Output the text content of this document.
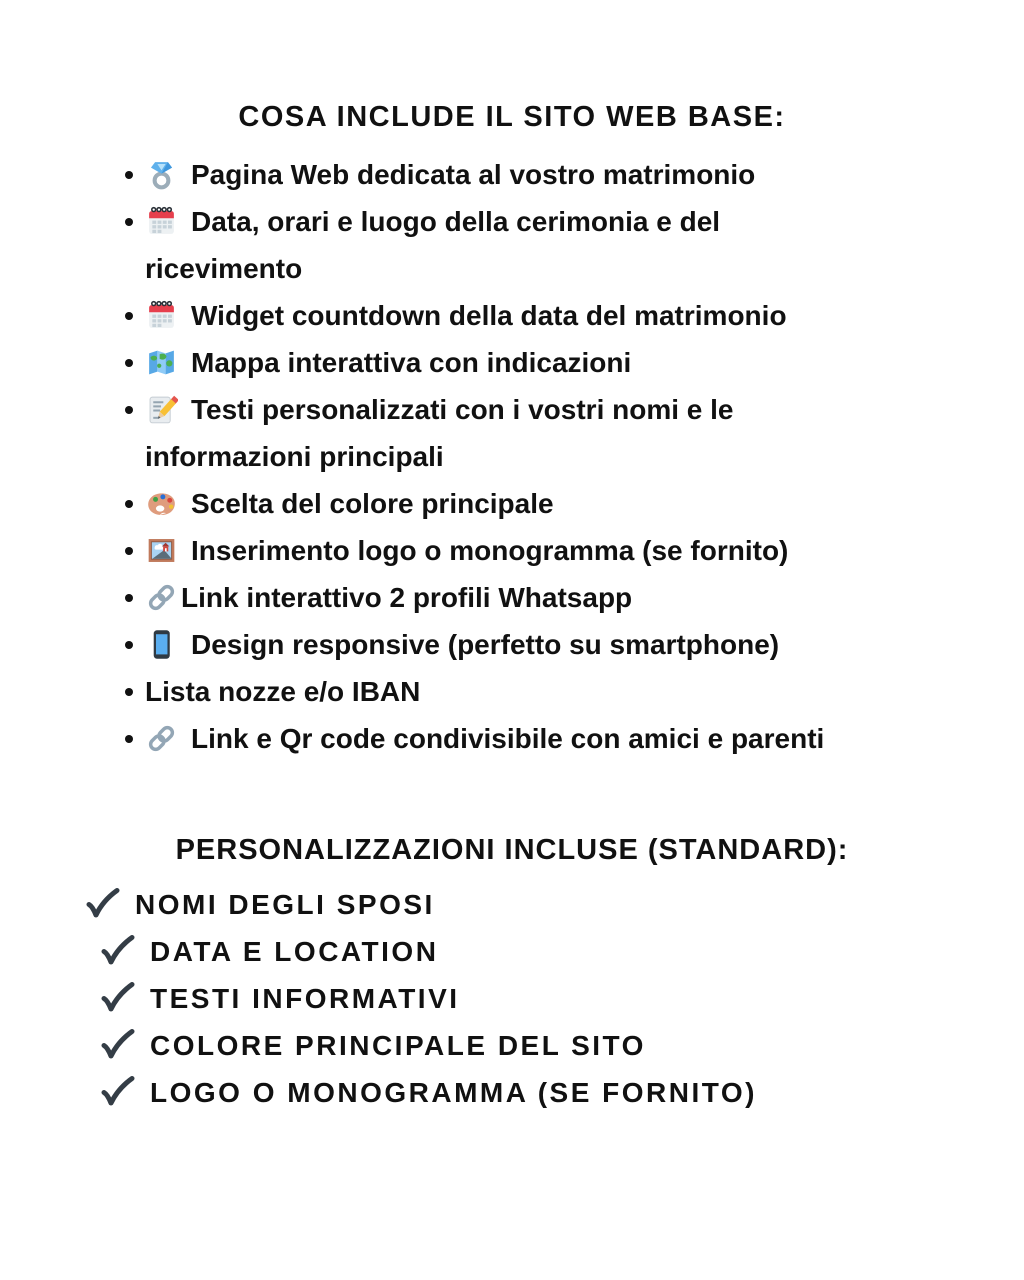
COSA INCLUDE IL SITO WEB BASE:
Pagina Web dedicata al vostro matrimonio
Data, orari e luogo della cerimonia e del
ricevimento
Widget countdown della data del matrimonio
Mappa interattiva con indicazioni
Testi personalizzati con i vostri nomi e le
informazioni principali
Scelta del colore principale
Inserimento logo o monogramma (se fornito)
Link interattivo 2 profili Whatsapp
Design responsive (perfetto su smartphone)
Lista nozze e/o IBAN
Link e Qr code condivisibile con amici e parenti
PERSONALIZZAZIONI INCLUSE (STANDARD):
NOMI DEGLI SPOSI
DATA E LOCATION
TESTI INFORMATIVI
COLORE PRINCIPALE DEL SITO
LOGO O MONOGRAMMA (SE FORNITO)
